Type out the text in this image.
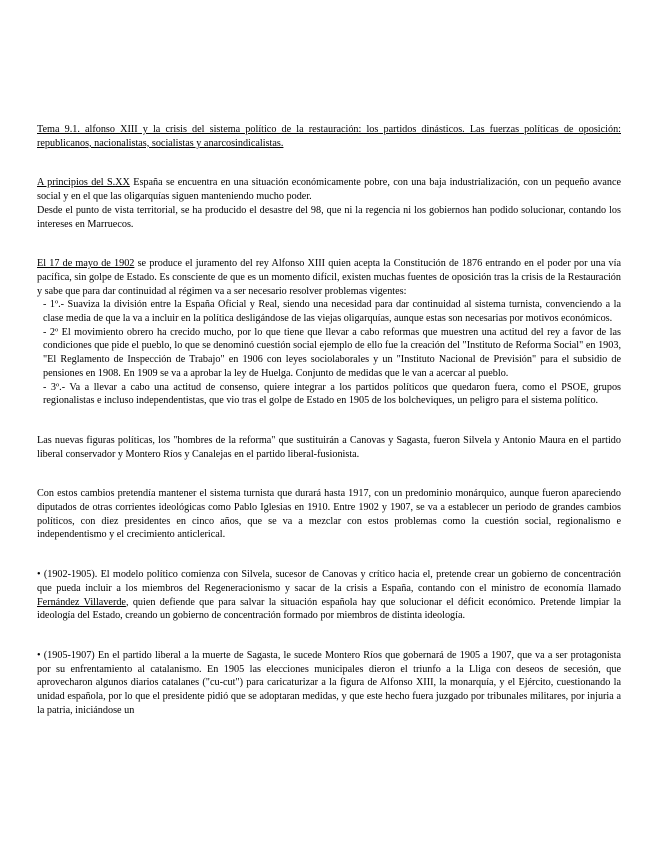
Tema 9.1. alfonso XIII y la crisis del sistema político de la restauración: los partidos dinásticos. Las fuerzas políticas de oposición: republicanos, nacionalistas, socialistas y anarcosindicalistas.

A principios del S.XX España se encuentra en una situación económicamente pobre, con una baja industrialización, con un pequeño avance social y en el que las oligarquías siguen manteniendo mucho poder.

Desde el punto de vista territorial, se ha producido el desastre del 98, que ni la regencia ni los gobiernos han podido solucionar, contando los intereses en Marruecos.

El 17 de mayo de 1902 se produce el juramento del rey Alfonso XIII quien acepta la Constitución de 1876 entrando en el poder por una vía pacífica, sin golpe de Estado. Es consciente de que es un momento difícil, existen muchas fuentes de oposición tras la crisis de la Restauración y sabe que para dar continuidad al régimen va a ser necesario resolver problemas vigentes:

- 1º.- Suaviza la división entre la España Oficial y Real, siendo una necesidad para dar continuidad al sistema turnista, convenciendo a la clase media de que la va a incluir en la política desligándose de las viejas oligarquías, aunque estas son necesarias por motivos económicos.

- 2º El movimiento obrero ha crecido mucho, por lo que tiene que llevar a cabo reformas que muestren una actitud del rey a favor de las condiciones que pide el pueblo, lo que se denominó cuestión social ejemplo de ello fue la creación del "Instituto de Reforma Social" en 1903, "El Reglamento de Inspección de Trabajo" en 1906 con leyes sociolaborales y un "Instituto Nacional de Previsión" para el subsidio de pensiones en 1908. En 1909 se va a aprobar la ley de Huelga. Conjunto de medidas que le van a acercar al pueblo.

- 3º.- Va a llevar a cabo una actitud de consenso, quiere integrar a los partidos políticos que quedaron fuera, como el PSOE, grupos regionalistas e incluso independentistas, que vio tras el golpe de Estado en 1905 de los bolcheviques, un peligro para el sistema político.

Las nuevas figuras políticas, los "hombres de la reforma" que sustituirán a Canovas y Sagasta, fueron Silvela y Antonio Maura en el partido liberal conservador y Montero Ríos y Canalejas en el partido liberal-fusionista.

Con estos cambios pretendía mantener el sistema turnista que durará hasta 1917, con un predominio monárquico, aunque fueron apareciendo diputados de otras corrientes ideológicas como Pablo Iglesias en 1910. Entre 1902 y 1907, se va a establecer un periodo de grandes cambios políticos, con diez presidentes en cinco años, que se va a mezclar con estos problemas como la cuestión social, regionalismo e independentismo y el crecimiento anticlerical.

• (1902-1905). El modelo político comienza con Silvela, sucesor de Canovas y crítico hacia el, pretende crear un gobierno de concentración que pueda incluir a los miembros del Regeneracionismo y sacar de la crisis a España, contando con el ministro de economía llamado Fernández Villaverde, quien defiende que para salvar la situación española hay que solucionar el déficit económico. Pretende limpiar la ideología del Estado, creando un gobierno de concentración formado por miembros de distinta ideología.

• (1905-1907) En el partido liberal a la muerte de Sagasta, le sucede Montero Ríos que gobernará de 1905 a 1907, que va a ser protagonista por su enfrentamiento al catalanismo. En 1905 las elecciones municipales dieron el triunfo a la Lliga con deseos de secesión, que aprovecharon algunos diarios catalanes ("cu-cut") para caricaturizar a la figura de Alfonso XIII, la monarquía, y el Ejército, cuestionando la unidad española, por lo que el presidente pidió que se adoptaran medidas, y que este hecho fuera juzgado por tribunales militares, por injuria a la patria, iniciándose un
